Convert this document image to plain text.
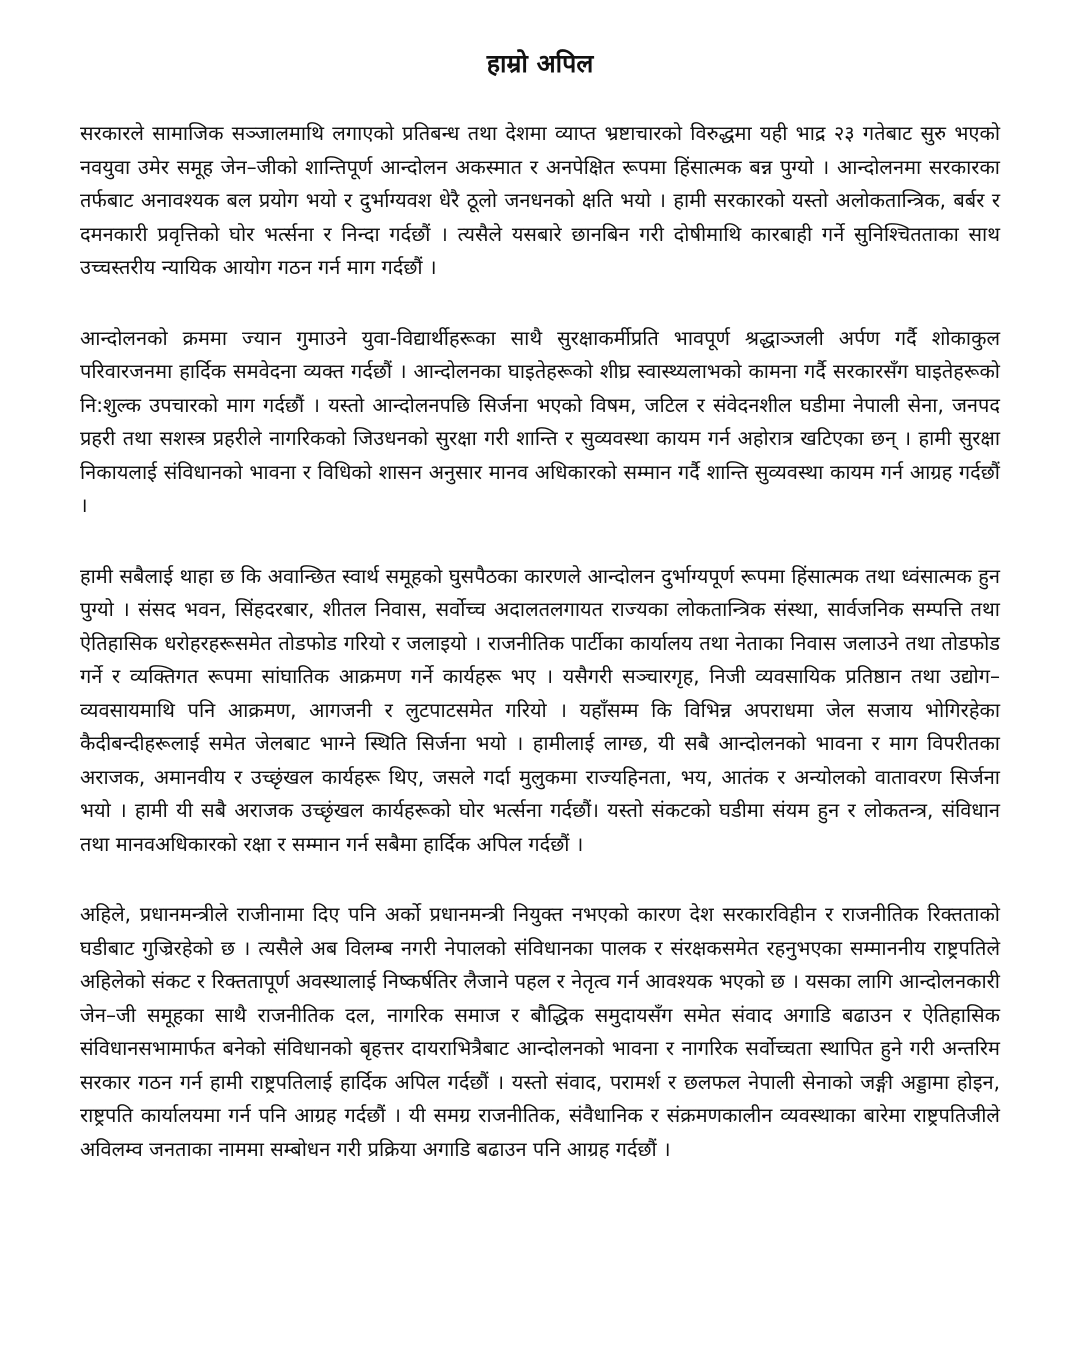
हाम्रो अपिल

सरकारले सामाजिक सञ्जालमाथि लगाएको प्रतिबन्ध तथा देशमा व्याप्त भ्रष्टाचारको विरुद्धमा यही भाद्र २३ गतेबाट सुरु भएको नवयुवा उमेर समूह जेन–जीको शान्तिपूर्ण आन्दोलन अकस्मात र अनपेक्षित रूपमा हिंसात्मक बन्न पुग्यो । आन्दोलनमा सरकारका तर्फबाट अनावश्यक बल प्रयोग भयो र दुर्भाग्यवश धेरै ठूलो जनधनको क्षति भयो । हामी सरकारको यस्तो अलोकतान्त्रिक, बर्बर र दमनकारी प्रवृत्तिको घोर भर्त्सना र निन्दा गर्दछौं । त्यसैले यसबारे छानबिन गरी दोषीमाथि कारबाही गर्ने सुनिश्चितताका साथ उच्चस्तरीय न्यायिक आयोग गठन गर्न माग गर्दछौं ।

आन्दोलनको क्रममा ज्यान गुमाउने युवा-विद्यार्थीहरूका साथै सुरक्षाकर्मीप्रति भावपूर्ण श्रद्धाञ्जली अर्पण गर्दै शोकाकुल परिवारजनमा हार्दिक समवेदना व्यक्त गर्दछौं । आन्दोलनका घाइतेहरूको शीघ्र स्वास्थ्यलाभको कामना गर्दै सरकारसँग घाइतेहरूको नि:शुल्क उपचारको माग गर्दछौं । यस्तो आन्दोलनपछि सिर्जना भएको विषम, जटिल र संवेदनशील घडीमा नेपाली सेना, जनपद प्रहरी तथा सशस्त्र प्रहरीले नागरिकको जिउधनको सुरक्षा गरी शान्ति र सुव्यवस्था कायम गर्न अहोरात्र खटिएका छन् । हामी सुरक्षा निकायलाई संविधानको भावना र विधिको शासन अनुसार मानव अधिकारको सम्मान गर्दै शान्ति सुव्यवस्था कायम गर्न आग्रह गर्दछौं ।

हामी सबैलाई थाहा छ कि अवान्छित स्वार्थ समूहको घुसपैठका कारणले आन्दोलन दुर्भाग्यपूर्ण रूपमा हिंसात्मक तथा ध्वंसात्मक हुन पुग्यो । संसद भवन, सिंहदरबार, शीतल निवास, सर्वोच्च अदालतलगायत राज्यका लोकतान्त्रिक संस्था, सार्वजनिक सम्पत्ति तथा ऐतिहासिक धरोहरहरूसमेत तोडफोड गरियो र जलाइयो । राजनीतिक पार्टीका कार्यालय तथा नेताका निवास जलाउने तथा तोडफोड गर्ने र व्यक्तिगत रूपमा सांघातिक आक्रमण गर्ने कार्यहरू भए । यसैगरी सञ्चारगृह, निजी व्यवसायिक प्रतिष्ठान तथा उद्योग–व्यवसायमाथि पनि आक्रमण, आगजनी र लुटपाटसमेत गरियो । यहाँसम्म कि विभिन्न अपराधमा जेल सजाय भोगिरहेका कैदीबन्दीहरूलाई समेत जेलबाट भाग्ने स्थिति सिर्जना भयो । हामीलाई लाग्छ, यी सबै आन्दोलनको भावना र माग विपरीतका अराजक, अमानवीय र उच्छृंखल कार्यहरू थिए, जसले गर्दा मुलुकमा राज्यहिनता, भय, आतंक र अन्योलको वातावरण सिर्जना भयो । हामी यी सबै अराजक उच्छृंखल कार्यहरूको घोर भर्त्सना गर्दछौं। यस्तो संकटको घडीमा संयम हुन र लोकतन्त्र, संविधान तथा मानवअधिकारको रक्षा र सम्मान गर्न सबैमा हार्दिक अपिल गर्दछौं ।

अहिले, प्रधानमन्त्रीले राजीनामा दिए पनि अर्को प्रधानमन्त्री नियुक्त नभएको कारण देश सरकारविहीन र राजनीतिक रिक्तताको घडीबाट गुज्रिरहेको छ । त्यसैले अब विलम्ब नगरी नेपालको संविधानका पालक र संरक्षकसमेत रहनुभएका सम्माननीय राष्ट्रपतिले अहिलेको संकट र रिक्ततापूर्ण अवस्थालाई निष्कर्षतिर लैजाने पहल र नेतृत्व गर्न आवश्यक भएको छ । यसका लागि आन्दोलनकारी जेन–जी समूहका साथै राजनीतिक दल, नागरिक समाज र बौद्धिक समुदायसँग समेत संवाद अगाडि बढाउन र ऐतिहासिक संविधानसभामार्फत बनेको संविधानको बृहत्तर दायराभित्रैबाट आन्दोलनको भावना र नागरिक सर्वोच्चता स्थापित हुने गरी अन्तरिम सरकार गठन गर्न हामी राष्ट्रपतिलाई हार्दिक अपिल गर्दछौं । यस्तो संवाद, परामर्श र छलफल नेपाली सेनाको जङ्गी अड्डामा होइन, राष्ट्रपति कार्यालयमा गर्न पनि आग्रह गर्दछौं । यी समग्र राजनीतिक, संवैधानिक र संक्रमणकालीन व्यवस्थाका बारेमा राष्ट्रपतिजीले अविलम्व जनताका नाममा सम्बोधन गरी प्रक्रिया अगाडि बढाउन पनि आग्रह गर्दछौं ।
